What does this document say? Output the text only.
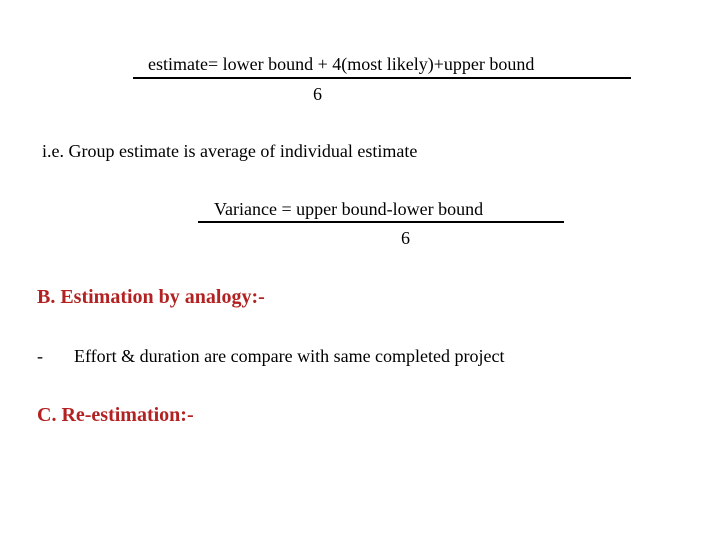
estimate= lower bound + 4(most likely)+upper bound

6

i.e. Group estimate is average of individual estimate

Variance = upper bound-lower bound

6

B. Estimation by analogy:-

- Effort & duration are compare with same completed project

C. Re-estimation:-
